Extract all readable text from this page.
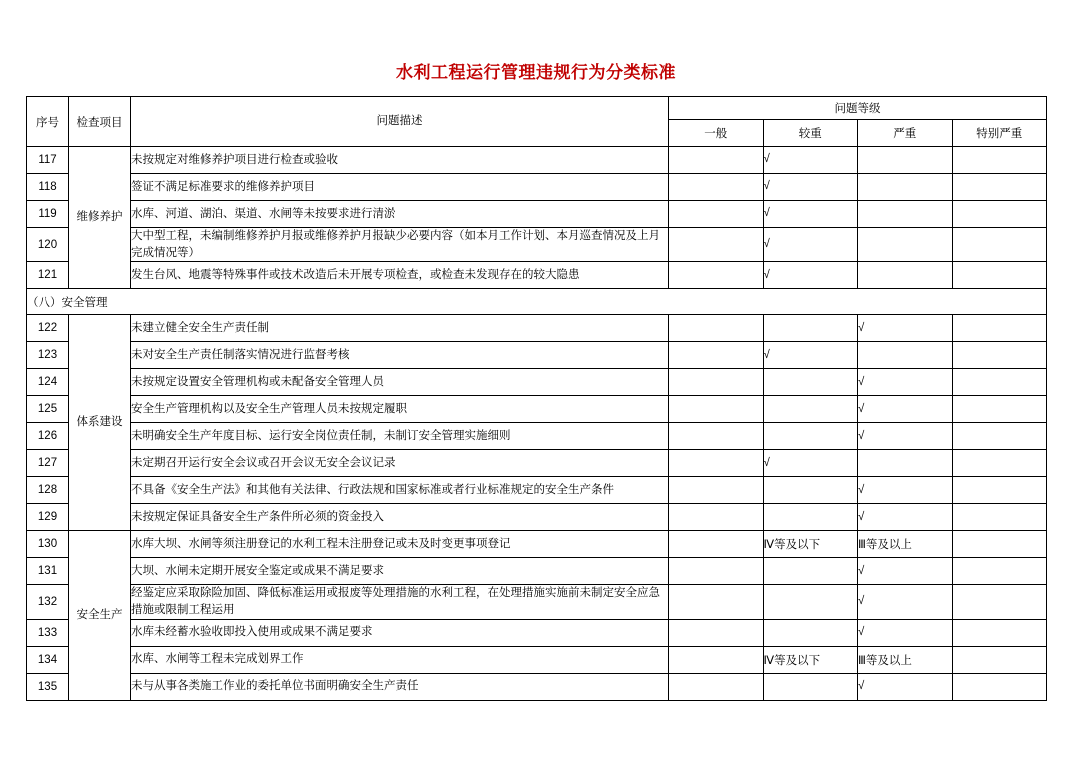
水利工程运行管理违规行为分类标准
序号	检查项目	问题描述	问题等级			
			一般	较重	严重	特别严重
117	维修养护	未按规定对维修养护项目进行检查或验收		√		
118		签证不满足标准要求的维修养护项目		√		
119		水库、河道、湖泊、渠道、水闸等未按要求进行清淤		√		
120		大中型工程，未编制维修养护月报或维修养护月报缺少必要内容（如本月工作计划、本月巡查情况及上月完成情况等）		√		
121		发生台风、地震等特殊事件或技术改造后未开展专项检查，或检查未发现存在的较大隐患		√		
（八）安全管理						
122	体系建设	未建立健全安全生产责任制			√	
123		未对安全生产责任制落实情况进行监督考核		√		
124		未按规定设置安全管理机构或未配备安全管理人员			√	
125		安全生产管理机构以及安全生产管理人员未按规定履职			√	
126		未明确安全生产年度目标、运行安全岗位责任制，未制订安全管理实施细则			√	
127		未定期召开运行安全会议或召开会议无安全会议记录		√		
128		不具备《安全生产法》和其他有关法律、行政法规和国家标准或者行业标准规定的安全生产条件			√	
129		未按规定保证具备安全生产条件所必须的资金投入			√	
130	安全生产	水库大坝、水闸等须注册登记的水利工程未注册登记或未及时变更事项登记		Ⅳ等及以下	Ⅲ等及以上	
131		大坝、水闸未定期开展安全鉴定或成果不满足要求			√	
132		经鉴定应采取除险加固、降低标准运用或报废等处理措施的水利工程，在处理措施实施前未制定安全应急措施或限制工程运用			√	
133		水库未经蓄水验收即投入使用或成果不满足要求			√	
134		水库、水闸等工程未完成划界工作		Ⅳ等及以下	Ⅲ等及以上	
135		未与从事各类施工作业的委托单位书面明确安全生产责任			√	
